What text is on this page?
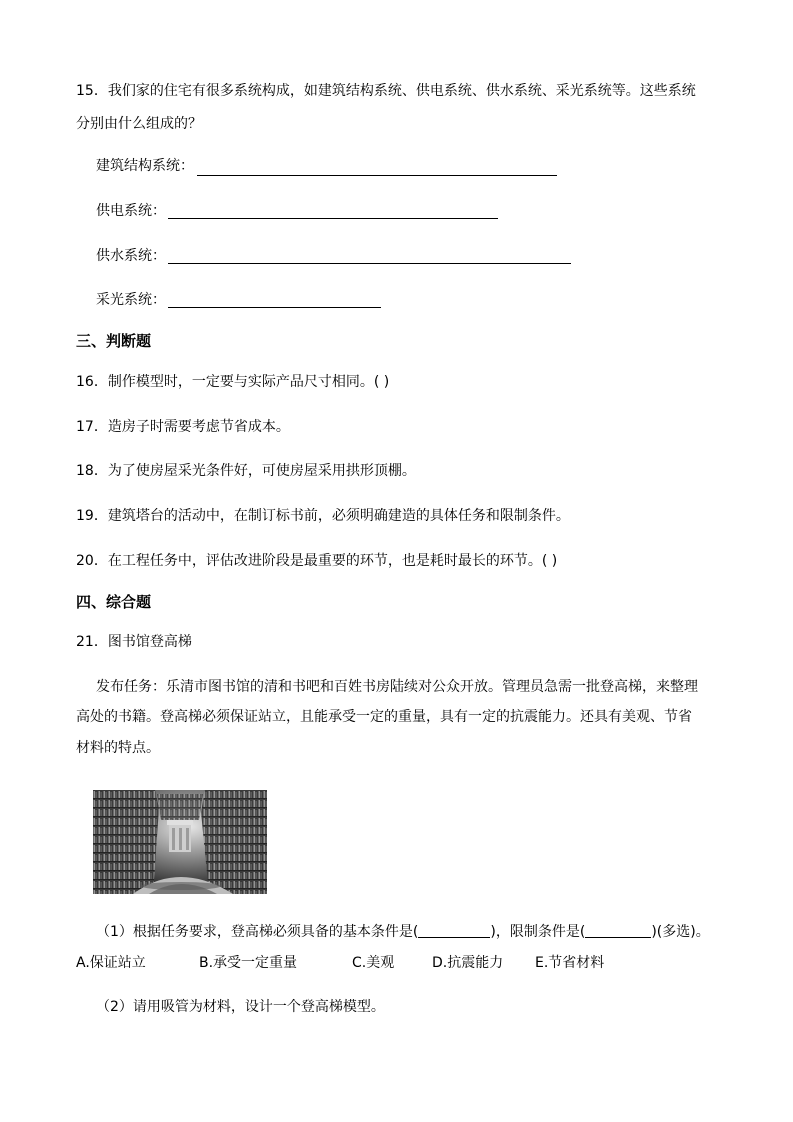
15．我们家的住宅有很多系统构成，如建筑结构系统、供电系统、供水系统、采光系统等。这些系统
分别由什么组成的？
建筑结构系统：
供电系统：
供水系统：
采光系统：
三、判断题
16．制作模型时，一定要与实际产品尺寸相同。( )
17．造房子时需要考虑节省成本。
18．为了使房屋采光条件好，可使房屋采用拱形顶棚。
19．建筑塔台的活动中，在制订标书前，必须明确建造的具体任务和限制条件。
20．在工程任务中，评估改进阶段是最重要的环节，也是耗时最长的环节。( )
四、综合题
21．图书馆登高梯
发布任务：乐清市图书馆的清和书吧和百姓书房陆续对公众开放。管理员急需一批登高梯，来整理
高处的书籍。登高梯必须保证站立，且能承受一定的重量，具有一定的抗震能力。还具有美观、节省
材料的特点。
（1）根据任务要求，登高梯必须具备的基本条件是(	)，限制条件是(	)(多选)。
A.保证站立	B.承受一定重量	C.美观	D.抗震能力 E.节省材料
（2）请用吸管为材料，设计一个登高梯模型。
